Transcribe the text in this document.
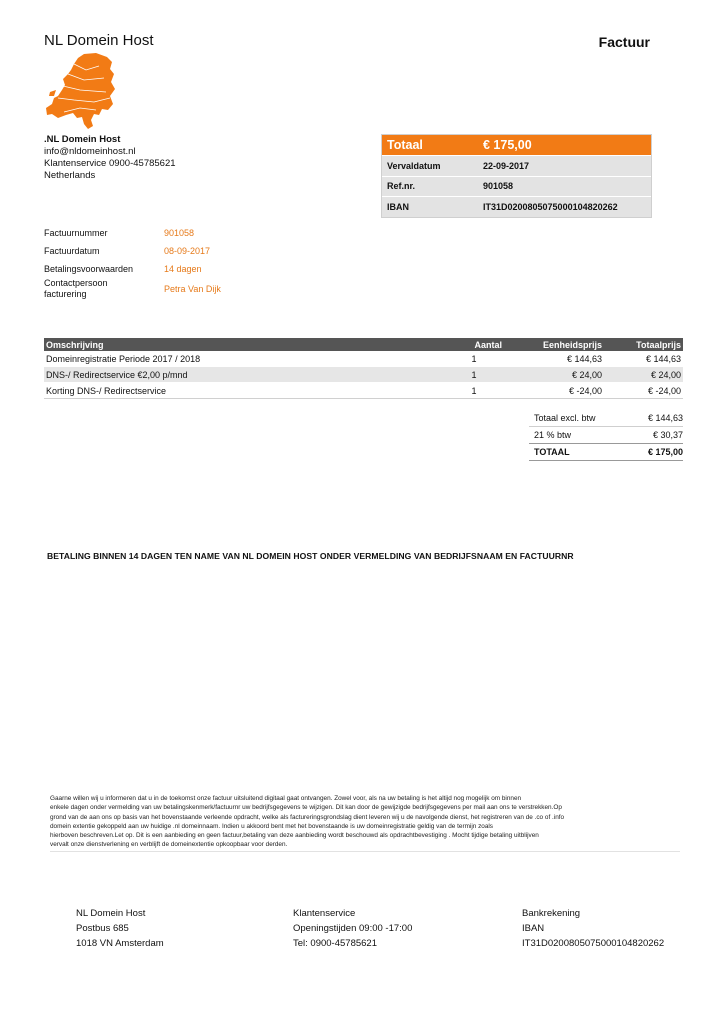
NL Domein Host	Factuur
.NL Domein Host
info@nldomeinhost.nl
Klantenservice 0900-45785621
Netherlands
Totaal	€ 175,00
Vervaldatum	22-09-2017
Ref.nr.	901058
IBAN	IT31D0200805075000104820262
Factuurnummer	901058
Factuurdatum	08-09-2017
Betalingsvoorwaarden	14 dagen
Contactpersoon
facturering	Petra Van Dijk
Omschrijving	Aantal	Eenheidsprijs	Totaalprijs
Domeinregistratie Periode 2017 / 2018	1	€ 144,63	€ 144,63
DNS-/ Redirectservice €2,00 p/mnd	1	€ 24,00	€ 24,00
Korting DNS-/ Redirectservice	1	€ -24,00	€ -24,00
Totaal excl. btw	€ 144,63
21 % btw	€ 30,37
TOTAAL	€ 175,00
BETALING BINNEN 14 DAGEN TEN NAME VAN NL DOMEIN HOST ONDER VERMELDING VAN BEDRIJFSNAAM EN FACTUURNR
Gaarne willen wij u informeren dat u in de toekomst onze factuur uitsluitend digitaal gaat ontvangen. Zowel voor, als na uw betaling is het altijd nog mogelijk om binnen
enkele dagen onder vermelding van uw betalingskenmerk/factuurnr uw bedrijfsgegevens te wijzigen. Dit kan door de gewijzigde bedrijfsgegevens per mail aan ons te verstrekken.Op
grond van de aan ons op basis van het bovenstaande verleende opdracht, welke als factureringsgrondslag dient leveren wij u de navolgende dienst, het registreren van de .co of .info
domein extentie gekoppeld aan uw huidige .nl domeinnaam. Indien u akkoord bent met het bovenstaande is uw domeinregistratie geldig van de termijn zoals
hierboven beschreven.Let op. Dit is een aanbieding en geen factuur,betaling van deze aanbieding wordt beschouwd als opdrachtbevestiging . Mocht tijdige betaling uitblijven
vervalt onze dienstverlening en verblijft de domeinextentie opkoopbaar voor derden.
NL Domein Host
Postbus 685
1018 VN Amsterdam
Klantenservice
Openingstijden 09:00 -17:00
Tel: 0900-45785621
Bankrekening
IBAN
IT31D0200805075000104820262
